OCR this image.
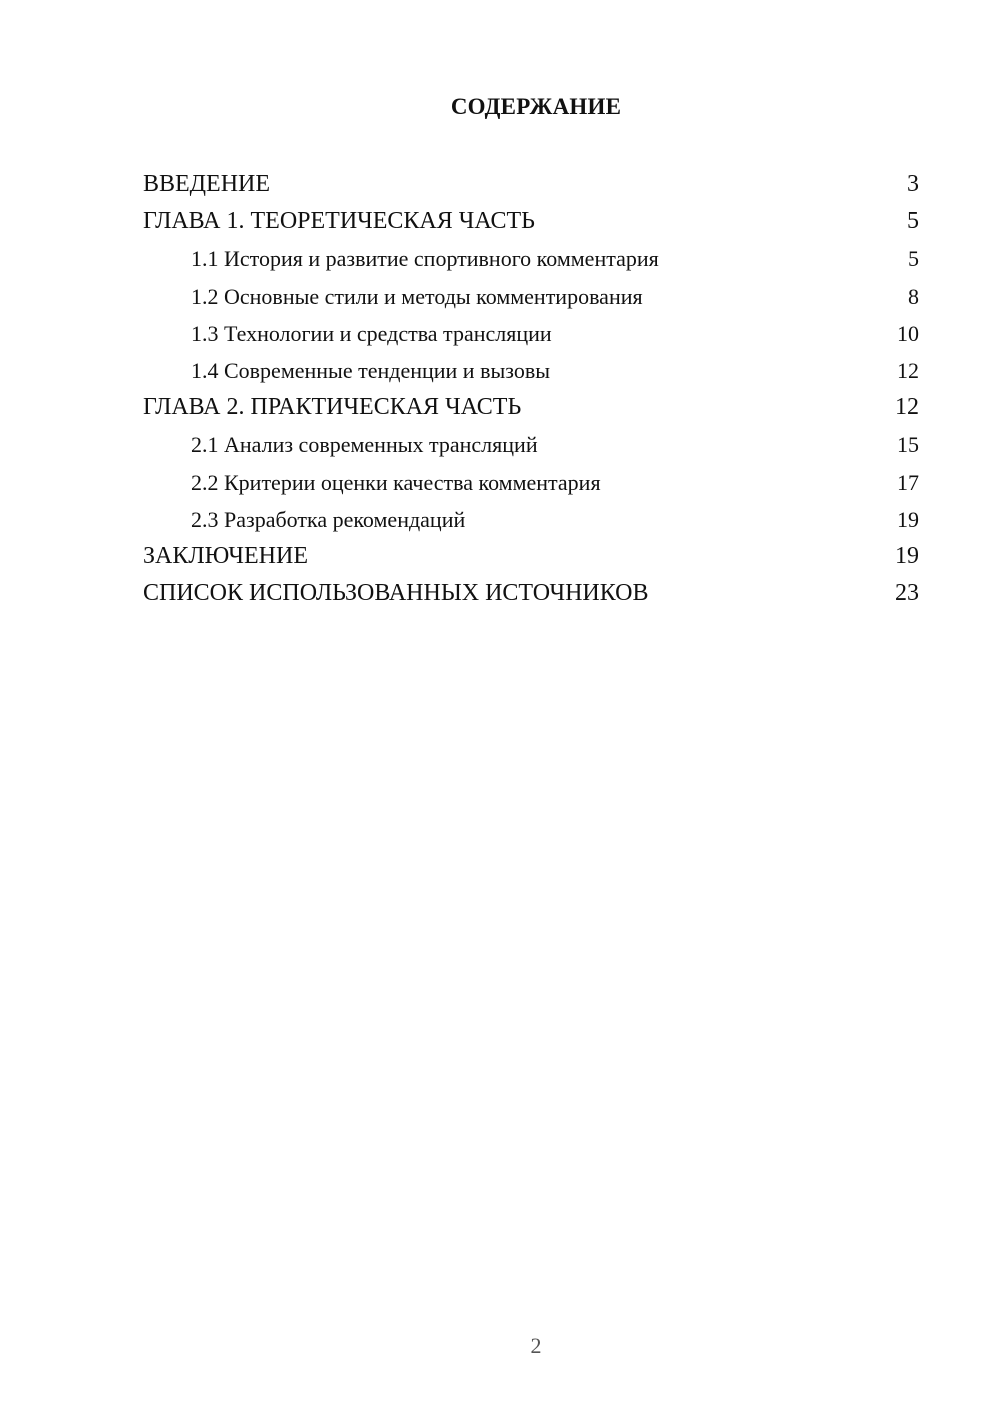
СОДЕРЖАНИЕ
ВВЕДЕНИЕ	3
ГЛАВА 1. ТЕОРЕТИЧЕСКАЯ ЧАСТЬ	5
1.1 История и развитие спортивного комментария	5
1.2 Основные стили и методы комментирования	8
1.3 Технологии и средства трансляции	10
1.4 Современные тенденции и вызовы	12
ГЛАВА 2. ПРАКТИЧЕСКАЯ ЧАСТЬ	12
2.1 Анализ современных трансляций	15
2.2 Критерии оценки качества комментария	17
2.3 Разработка рекомендаций	19
ЗАКЛЮЧЕНИЕ	19
СПИСОК ИСПОЛЬЗОВАННЫХ ИСТОЧНИКОВ	23
2
